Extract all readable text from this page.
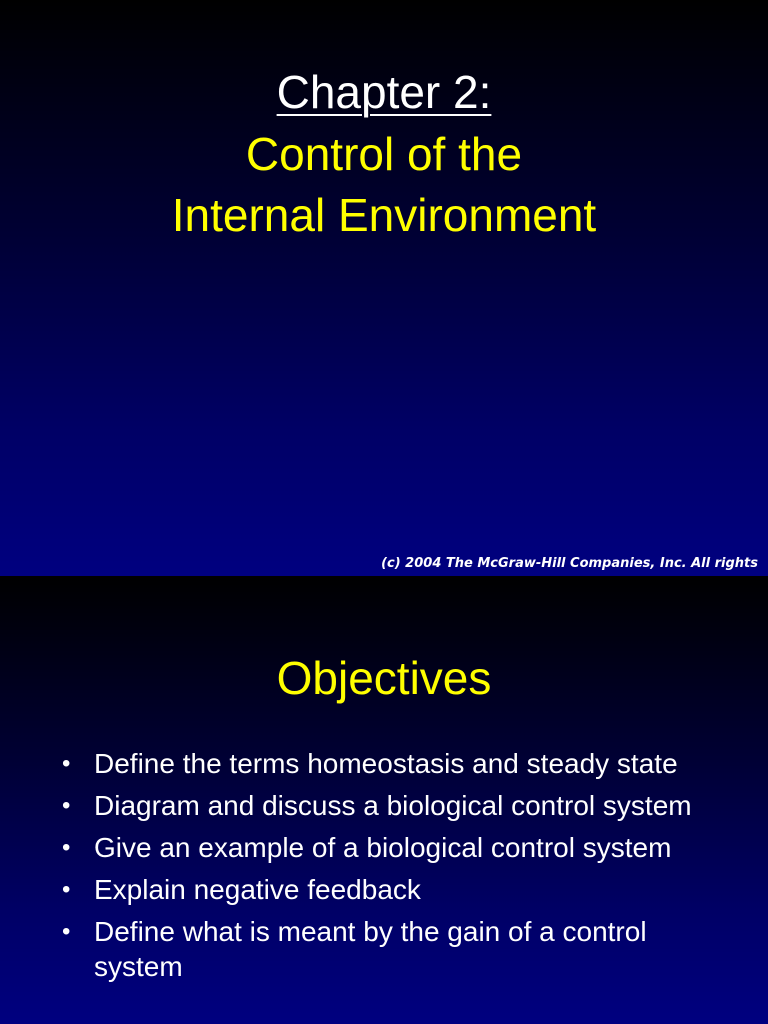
Chapter 2:
Control of the
Internal Environment
(c) 2004 The McGraw-Hill Companies, Inc. All rights
Objectives
• Define the terms homeostasis and steady state
• Diagram and discuss a biological control system
• Give an example of a biological control system
• Explain negative feedback
• Define what is meant by the gain of a control system
